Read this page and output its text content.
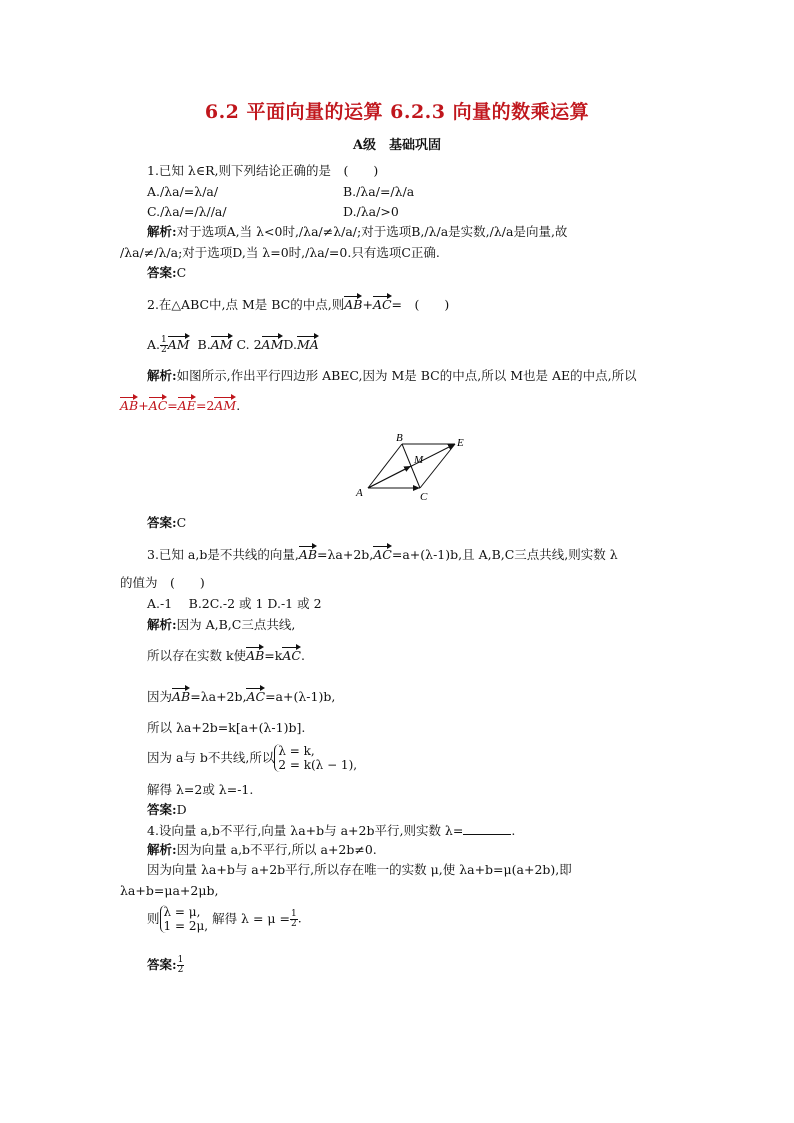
6.2 平面向量的运算 6.2.3 向量的数乘运算
A级　基础巩固
1.已知 λ∈R,则下列结论正确的是　(　　)
A./λa/=λ/a/	B./λa/=/λ/a
C./λa/=/λ//a/	D./λa/>0
解析:对于选项A,当 λ<0时,/λa/≠λ/a/;对于选项B,/λ/a是实数,/λ/a是向量,故
/λa/≠/λ/a;对于选项D,当 λ=0时,/λa/=0.只有选项C正确.
答案:C
2.在△ABC中,点 M是 BC的中点,则AB+AC=　(　　)
A. $\frac{1}{2}$ AM B.AM C. 2AMD.MA
解析:如图所示,作出平行四边形 ABEC,因为 M是 BC的中点,所以 M也是 AE的中点,所以
AB+AC=AE=2AM.
A
B
C
E
M
答案:C
3.已知 a,b是不共线的向量,AB=λa+2b,AC=a+(λ-1)b,且 A,B,C三点共线,则实数 λ
的值为　(　　)
A.-1　 B.2C.-2 或 1 D.-1 或 2
解析:因为 A,B,C三点共线,
所以存在实数 k使AB=kAC.
因为AB=λa+2b,AC=a+(λ-1)b,
所以 λa+2b=k[a+(λ-1)b].
因为 a与 b不共线,所以 λ = k,
2 = k(λ − 1),
解得 λ=2或 λ=-1.
答案:D
4.设向量 a,b不平行,向量 λa+b与 a+2b平行,则实数 λ=	.
解析:因为向量 a,b不平行,所以 a+2b≠0.
因为向量 λa+b与 a+2b平行,所以存在唯一的实数 μ,使 λa+b=μ(a+2b),即
λa+b=μa+2μb,
则 λ = μ,
1 = 2μ, 解得 $\lambda = \mu = \frac{1}{2}$ .
答案: $\frac{1}{2}$
